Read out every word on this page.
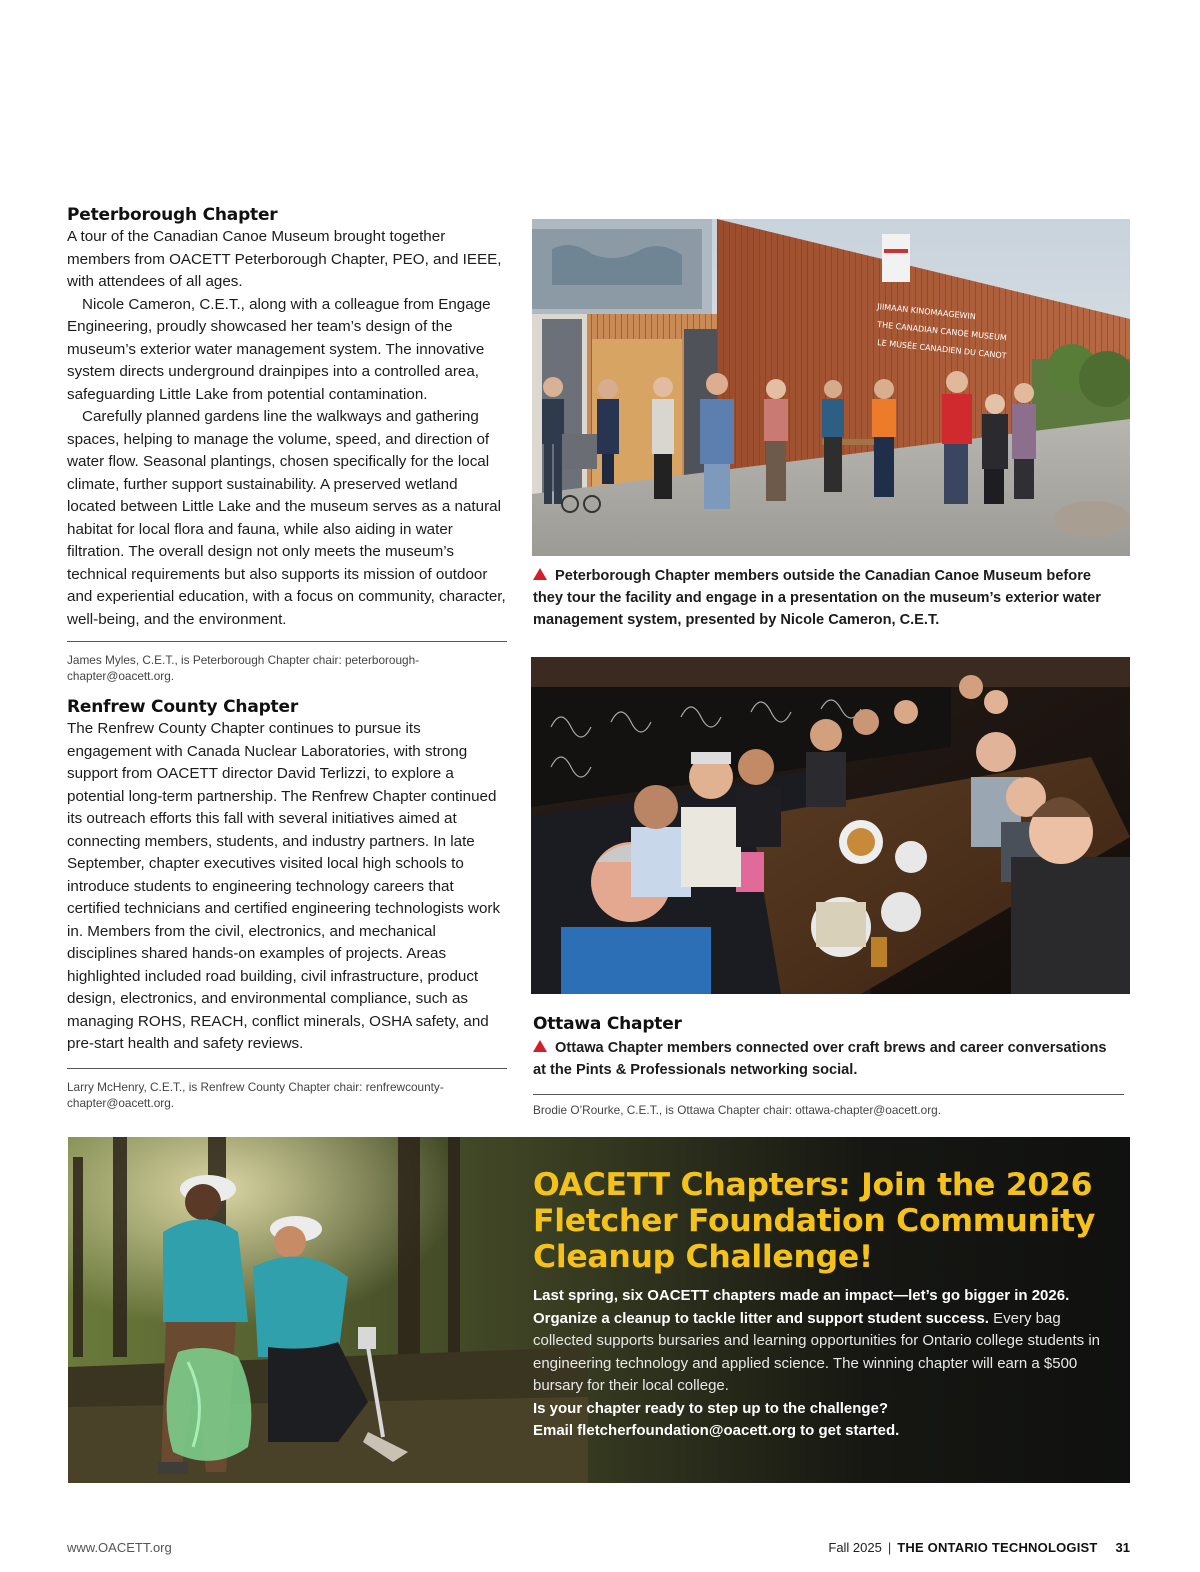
Peterborough Chapter

A tour of the Canadian Canoe Museum brought together members from OACETT Peterborough Chapter, PEO, and IEEE, with attendees of all ages.

Nicole Cameron, C.E.T., along with a colleague from Engage Engineering, proudly showcased her team’s design of the museum’s exterior water management system. The innovative system directs underground drainpipes into a controlled area, safeguarding Little Lake from potential contamination.

Carefully planned gardens line the walkways and gathering spaces, helping to manage the volume, speed, and direction of water flow. Seasonal plantings, chosen specifically for the local climate, further support sustainability. A preserved wetland located between Little Lake and the museum serves as a natural habitat for local flora and fauna, while also aiding in water filtration. The overall design not only meets the museum’s technical requirements but also supports its mission of outdoor and experiential education, with a focus on community, character, well-being, and the environment.

James Myles, C.E.T., is Peterborough Chapter chair: peterborough-chapter@oacett.org.

Renfrew County Chapter

The Renfrew County Chapter continues to pursue its engagement with Canada Nuclear Laboratories, with strong support from OACETT director David Terlizzi, to explore a potential long-term partnership. The Renfrew Chapter continued its outreach efforts this fall with several initiatives aimed at connecting members, students, and industry partners. In late September, chapter executives visited local high schools to introduce students to engineering technology careers that certified technicians and certified engineering technologists work in. Members from the civil, electronics, and mechanical disciplines shared hands-on examples of projects. Areas highlighted included road building, civil infrastructure, product design, electronics, and environmental compliance, such as managing ROHS, REACH, conflict minerals, OSHA safety, and pre-start health and safety reviews.

Larry McHenry, C.E.T., is Renfrew County Chapter chair: renfrewcounty-chapter@oacett.org.

JIIMAAN KINOMAAGEWIN
THE CANADIAN CANOE MUSEUM
LE MUSÉE CANADIEN DU CANOT
Peterborough Chapter members outside the Canadian Canoe Museum before they tour the facility and engage in a presentation on the museum’s exterior water management system, presented by Nicole Cameron, C.E.T.
Ottawa Chapter
Ottawa Chapter members connected over craft brews and career conversations at the Pints & Professionals networking social.

Brodie O’Rourke, C.E.T., is Ottawa Chapter chair: ottawa-chapter@oacett.org.

OACETT Chapters: Join the 2026 Fletcher Foundation Community Cleanup Challenge!

Last spring, six OACETT chapters made an impact—let’s go bigger in 2026. Organize a cleanup to tackle litter and support student success. Every bag collected supports bursaries and learning opportunities for Ontario college students in engineering technology and applied science. The winning chapter will earn a $500 bursary for their local college.
Is your chapter ready to step up to the challenge?
Email fletcherfoundation@oacett.org to get started.

www.OACETT.org	Fall 2025 | THE ONTARIO TECHNOLOGIST 31
